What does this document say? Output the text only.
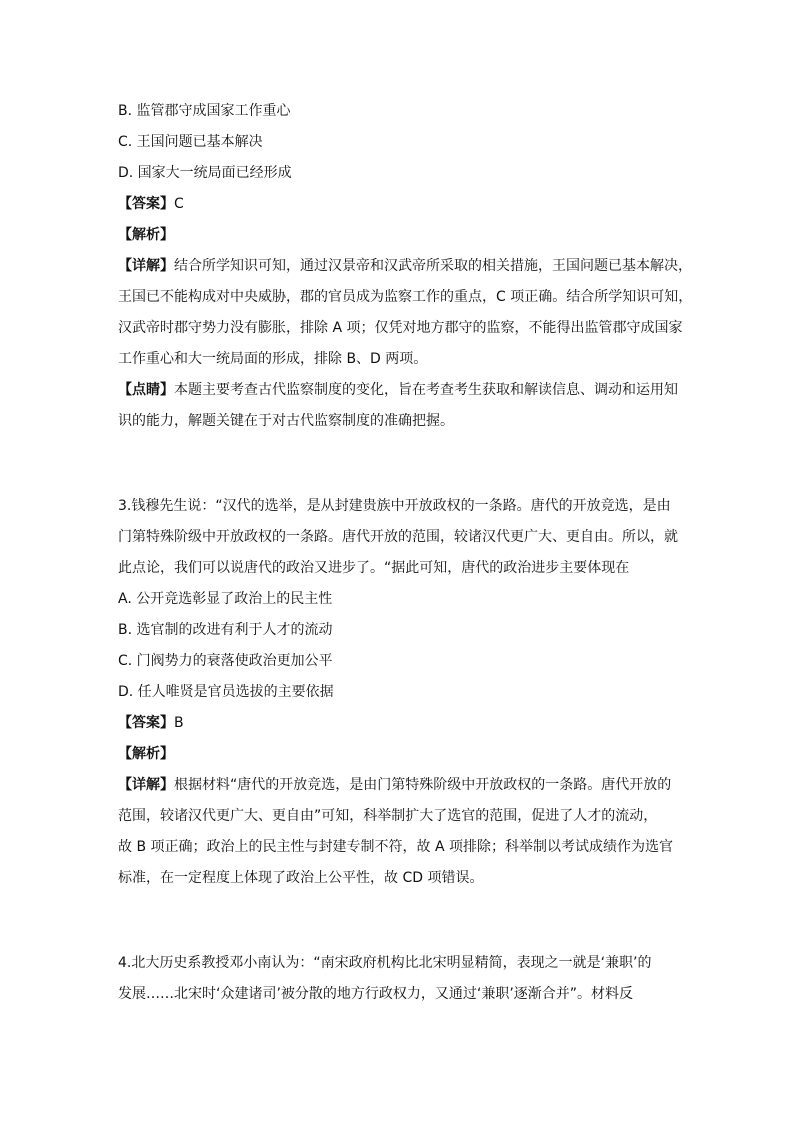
B. 监管郡守成国家工作重心
C. 王国问题已基本解决
D. 国家大一统局面已经形成
【答案】C
【解析】
【详解】结合所学知识可知，通过汉景帝和汉武帝所采取的相关措施，王国问题已基本解决，
王国已不能构成对中央威胁，郡的官员成为监察工作的重点，C 项正确。结合所学知识可知，
汉武帝时郡守势力没有膨胀，排除 A 项；仅凭对地方郡守的监察，不能得出监管郡守成国家
工作重心和大一统局面的形成，排除 B、D 两项。
【点睛】本题主要考查古代监察制度的变化，旨在考查考生获取和解读信息、调动和运用知
识的能力，解题关键在于对古代监察制度的准确把握。
3.钱穆先生说：“汉代的选举，是从封建贵族中开放政权的一条路。唐代的开放竞选，是由
门第特殊阶级中开放政权的一条路。唐代开放的范围，较诸汉代更广大、更自由。所以，就
此点论，我们可以说唐代的政治又进步了。“据此可知，唐代的政治进步主要体现在
A. 公开竞选彰显了政治上的民主性
B. 选官制的改进有利于人才的流动
C. 门阀势力的衰落使政治更加公平
D. 任人唯贤是官员选拔的主要依据
【答案】B
【解析】
【详解】根据材料“唐代的开放竞选，是由门第特殊阶级中开放政权的一条路。唐代开放的
范围，较诸汉代更广大、更自由”可知，科举制扩大了选官的范围，促进了人才的流动，
故 B 项正确；政治上的民主性与封建专制不符，故 A 项排除；科举制以考试成绩作为选官
标准，在一定程度上体现了政治上公平性，故 CD 项错误。
4.北大历史系教授邓小南认为：“南宋政府机构比北宋明显精简，表现之一就是‘兼职’的
发展……北宋时‘众建诸司’被分散的地方行政权力，又通过‘兼职’逐渐合并”。材料反
